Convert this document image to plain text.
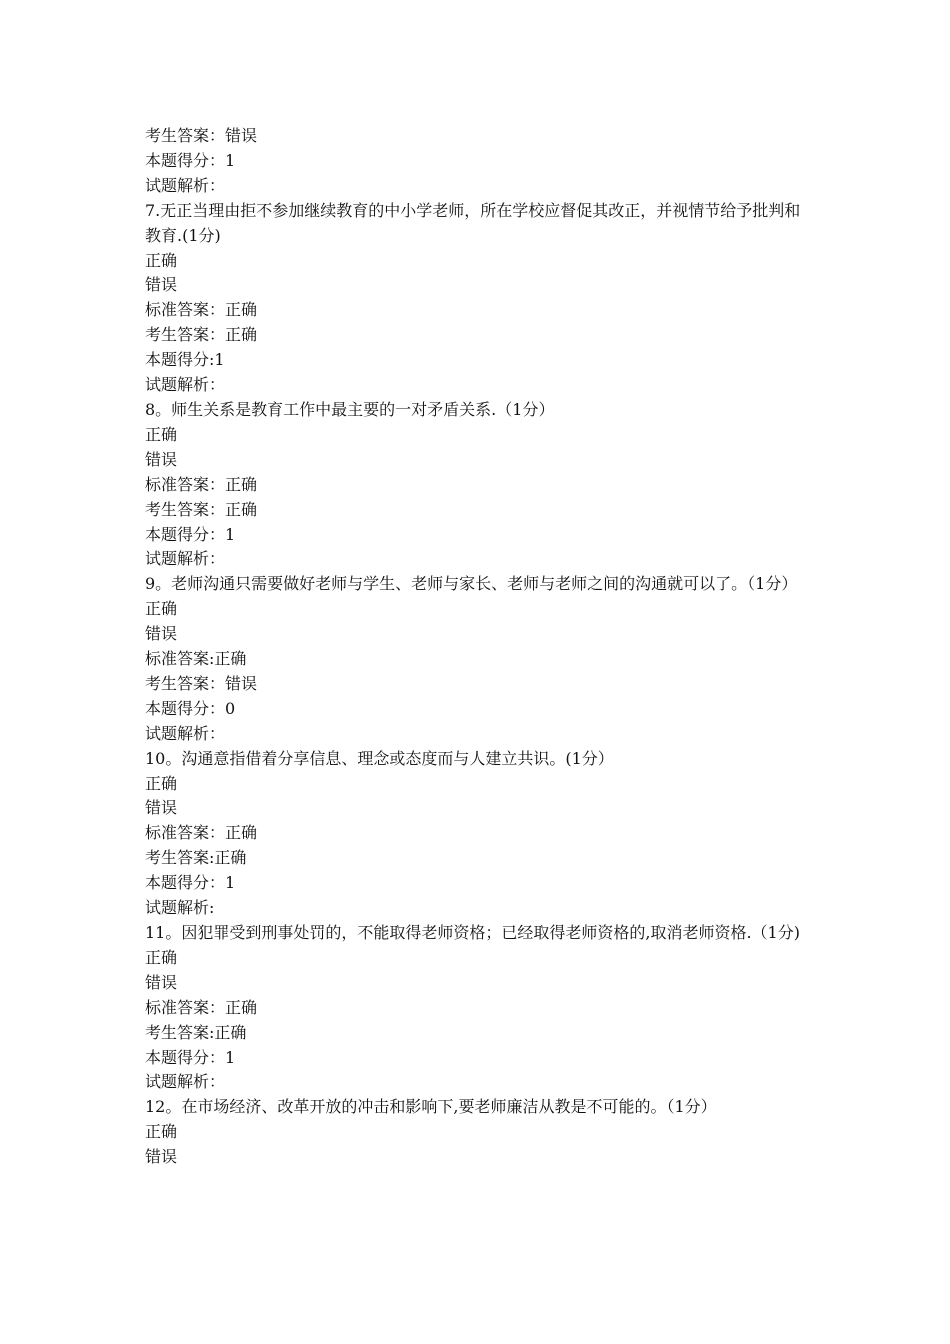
考生答案：错误

本题得分：1

试题解析：

7.无正当理由拒不参加继续教育的中小学老师，所在学校应督促其改正，并视情节给予批判和教育.(1分)

正确

错误

标准答案：正确

考生答案：正确

本题得分:1

试题解析：

8。师生关系是教育工作中最主要的一对矛盾关系.（1分）

正确

错误

标准答案：正确

考生答案：正确

本题得分：1

试题解析：

9。老师沟通只需要做好老师与学生、老师与家长、老师与老师之间的沟通就可以了。（1分）

正确

错误

标准答案:正确

考生答案：错误

本题得分：0

试题解析：

10。沟通意指借着分享信息、理念或态度而与人建立共识。(1分）

正确

错误

标准答案：正确

考生答案:正确

本题得分：1

试题解析:

11。因犯罪受到刑事处罚的，不能取得老师资格；已经取得老师资格的,取消老师资格.（1分)

正确

错误

标准答案：正确

考生答案:正确

本题得分：1

试题解析：

12。在市场经济、改革开放的冲击和影响下,要老师廉洁从教是不可能的。（1分）

正确

错误
